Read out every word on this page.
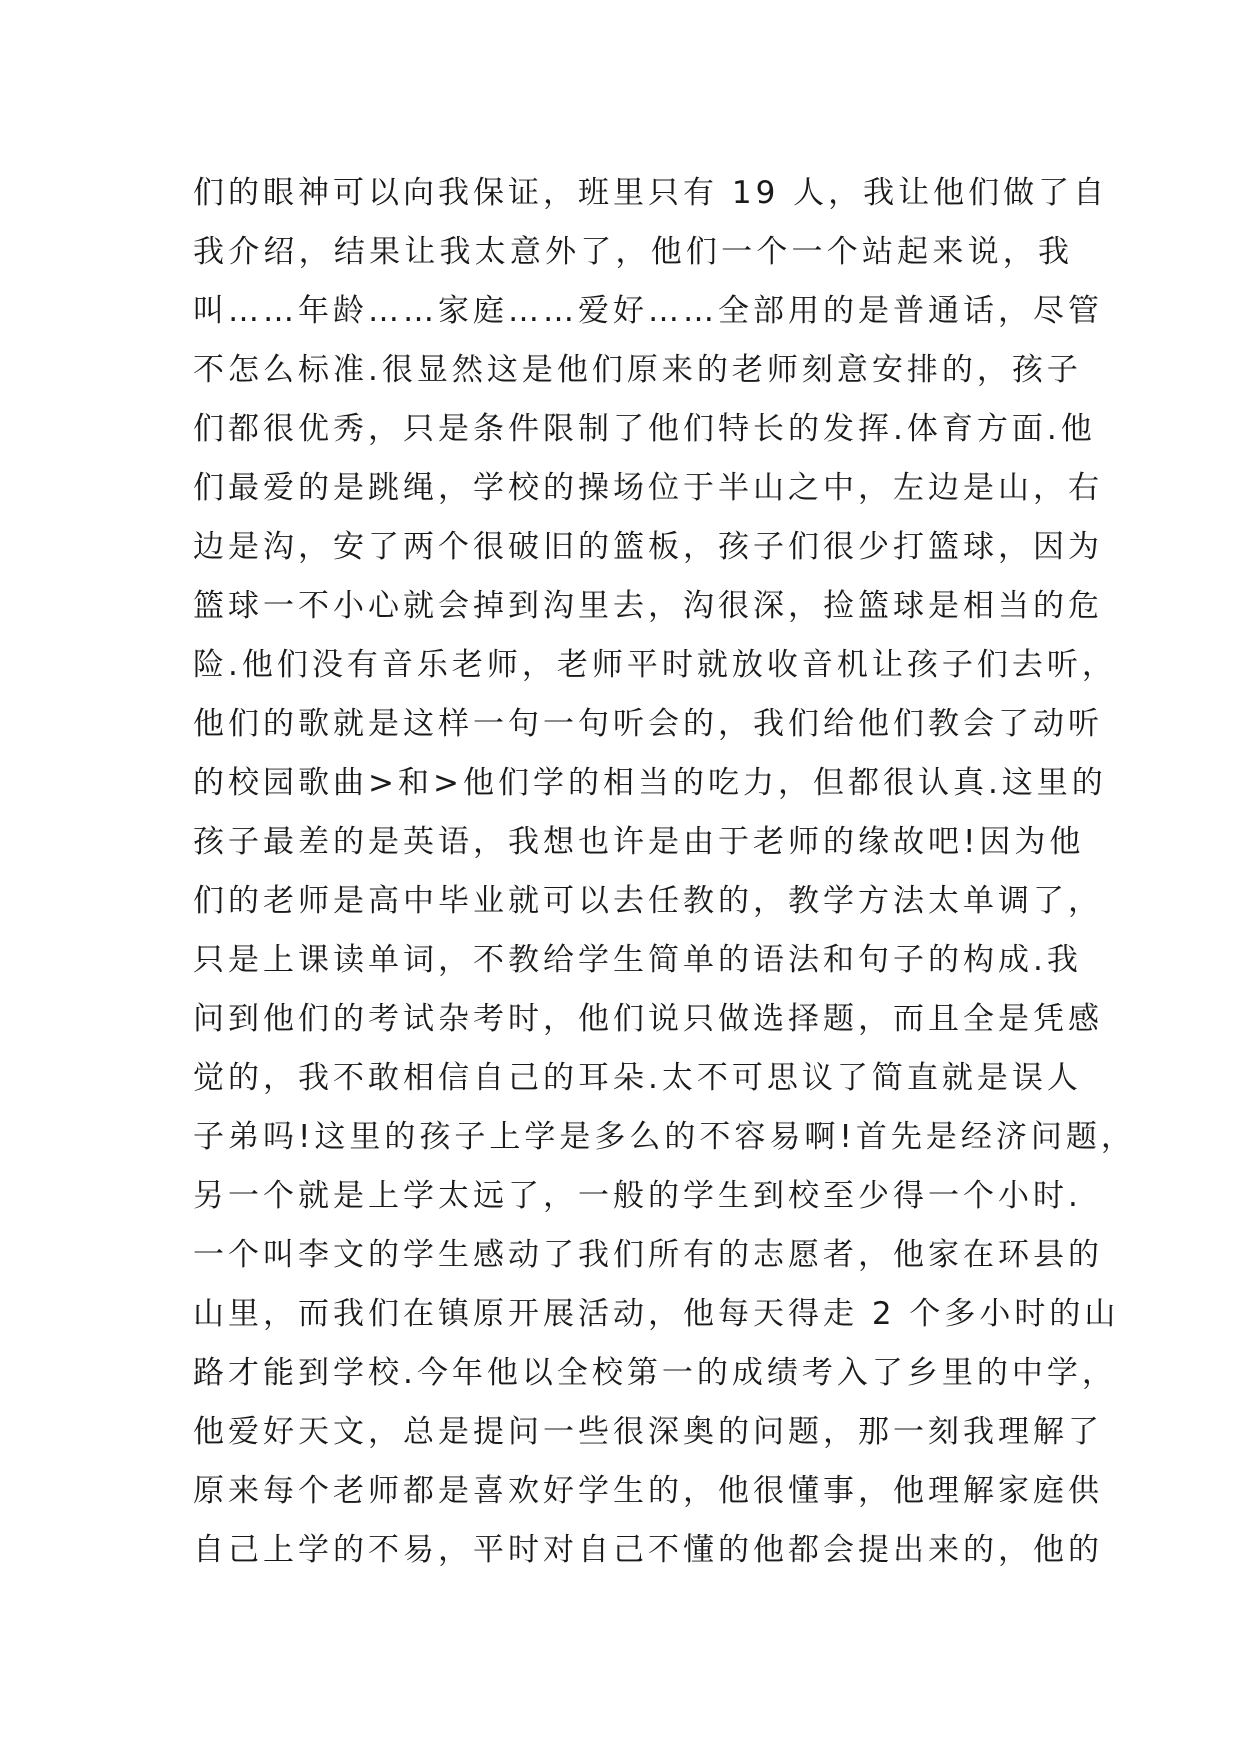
们的眼神可以向我保证，班里只有 19 人，我让他们做了自
我介绍，结果让我太意外了，他们一个一个站起来说，我
叫……年龄……家庭……爱好……全部用的是普通话，尽管
不怎么标准.很显然这是他们原来的老师刻意安排的，孩子
们都很优秀，只是条件限制了他们特长的发挥.体育方面.他
们最爱的是跳绳，学校的操场位于半山之中，左边是山，右
边是沟，安了两个很破旧的篮板，孩子们很少打篮球，因为
篮球一不小心就会掉到沟里去，沟很深，捡篮球是相当的危
险.他们没有音乐老师，老师平时就放收音机让孩子们去听，
他们的歌就是这样一句一句听会的，我们给他们教会了动听
的校园歌曲>和>他们学的相当的吃力，但都很认真.这里的
孩子最差的是英语，我想也许是由于老师的缘故吧!因为他
们的老师是高中毕业就可以去任教的，教学方法太单调了，
只是上课读单词，不教给学生简单的语法和句子的构成.我
问到他们的考试杂考时，他们说只做选择题，而且全是凭感
觉的，我不敢相信自己的耳朵.太不可思议了简直就是误人
子弟吗!这里的孩子上学是多么的不容易啊!首先是经济问题，
另一个就是上学太远了，一般的学生到校至少得一个小时.
一个叫李文的学生感动了我们所有的志愿者，他家在环县的
山里，而我们在镇原开展活动，他每天得走 2 个多小时的山
路才能到学校.今年他以全校第一的成绩考入了乡里的中学，
他爱好天文，总是提问一些很深奥的问题，那一刻我理解了
原来每个老师都是喜欢好学生的，他很懂事，他理解家庭供
自己上学的不易，平时对自己不懂的他都会提出来的，他的
